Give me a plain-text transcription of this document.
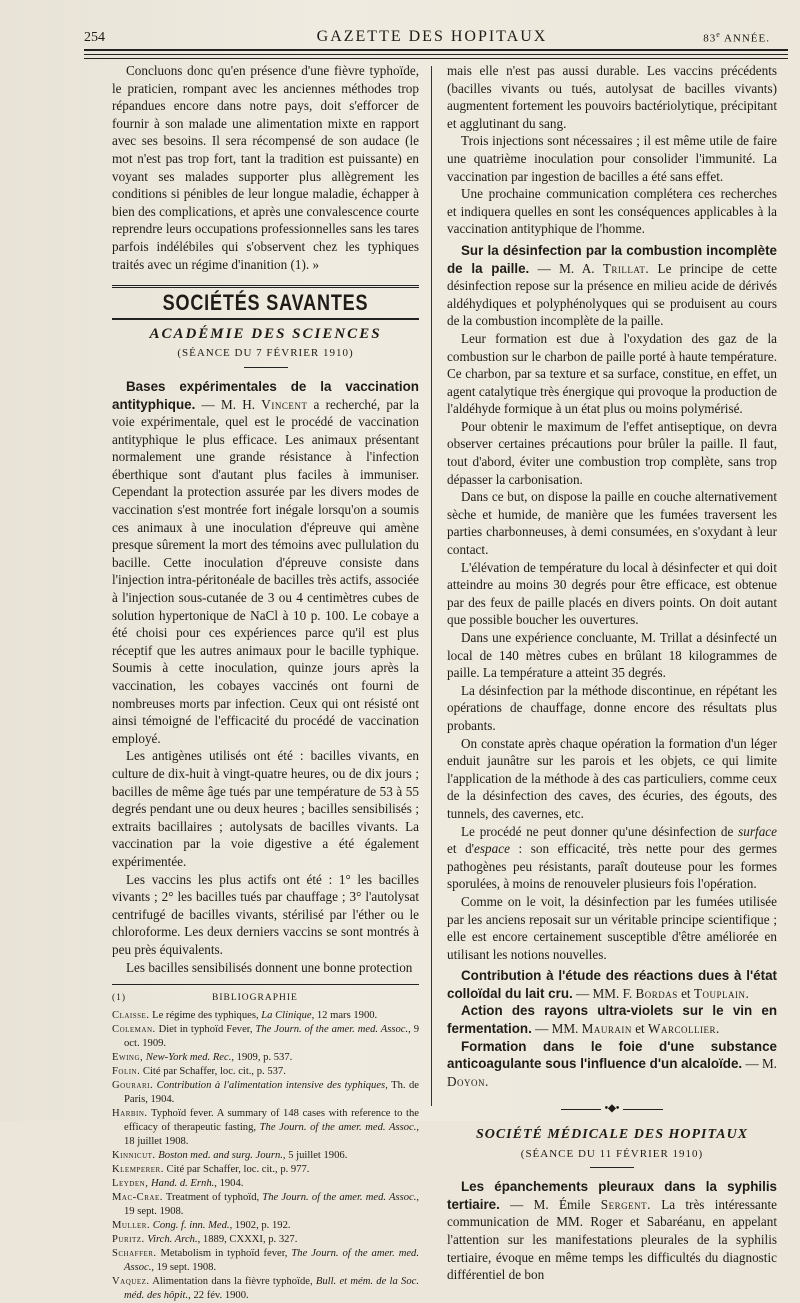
254	GAZETTE DES HOPITAUX	83e ANNÉE.

Concluons donc qu'en présence d'une fièvre typhoïde, le praticien, rompant avec les anciennes méthodes trop répandues encore dans notre pays, doit s'efforcer de fournir à son malade une alimentation mixte en rapport avec ses besoins. Il sera récompensé de son audace (le mot n'est pas trop fort, tant la tradition est puissante) en voyant ses malades supporter plus allègrement les conditions si pénibles de leur longue maladie, échapper à bien des complications, et après une convalescence courte reprendre leurs occupations professionnelles sans les tares parfois indélébiles qui s'observent chez les typhiques traités avec un régime d'inanition (1). »

SOCIÉTÉS SAVANTES
ACADÉMIE DES SCIENCES
(SÉANCE DU 7 FÉVRIER 1910)

Bases expérimentales de la vaccination antityphique. — M. H. Vincent a recherché, par la voie expérimentale, quel est le procédé de vaccination antityphique le plus efficace. Les animaux présentant normalement une grande résistance à l'infection éberthique sont d'autant plus faciles à immuniser. Cependant la protection assurée par les divers modes de vaccination s'est montrée fort inégale lorsqu'on a soumis ces animaux à une inoculation d'épreuve qui amène presque sûrement la mort des témoins avec pullulation du bacille. Cette inoculation d'épreuve consiste dans l'injection intra-péritonéale de bacilles très actifs, associée à l'injection sous-cutanée de 3 ou 4 centimètres cubes de solution hypertonique de NaCl à 10 p. 100. Le cobaye a été choisi pour ces expériences parce qu'il est plus réceptif que les autres animaux pour le bacille typhique. Soumis à cette inoculation, quinze jours après la vaccination, les cobayes vaccinés ont fourni de nombreuses morts par infection. Ceux qui ont résisté ont ainsi témoigné de l'efficacité du procédé de vaccination employé.

Les antigènes utilisés ont été : bacilles vivants, en culture de dix-huit à vingt-quatre heures, ou de dix jours ; bacilles de même âge tués par une température de 53 à 55 degrés pendant une ou deux heures ; bacilles sensibilisés ; extraits bacillaires ; autolysats de bacilles vivants. La vaccination par la voie digestive a été également expérimentée.

Les vaccins les plus actifs ont été : 1° les bacilles vivants ; 2° les bacilles tués par chauffage ; 3° l'autolysat centrifugé de bacilles vivants, stérilisé par l'éther ou le chloroforme. Les deux derniers vaccins se sont montrés à peu près équivalents.

Les bacilles sensibilisés donnent une bonne protection

(1)	BIBLIOGRAPHIE

Claisse. Le régime des typhiques, La Clinique, 12 mars 1900.

Coleman. Diet in typhoïd Fever, The Journ. of the amer. med. Assoc., 9 oct. 1909.

Ewing, New-York med. Rec., 1909, p. 537.

Folin. Cité par Schaffer, loc. cit., p. 537.

Gourari. Contribution à l'alimentation intensive des typhiques, Th. de Paris, 1904.

Harbin. Typhoïd fever. A summary of 148 cases with reference to the efficacy of therapeutic fasting, The Journ. of the amer. med. Assoc., 18 juillet 1908.

Kinnicut. Boston med. and surg. Journ., 5 juillet 1906.

Klemperer. Cité par Schaffer, loc. cit., p. 977.

Leyden, Hand. d. Ernh., 1904.

Mac-Crae. Treatment of typhoïd, The Journ. of the amer. med. Assoc., 19 sept. 1908.

Muller. Cong. f. inn. Med., 1902, p. 192.

Puritz. Virch. Arch., 1889, CXXXI, p. 327.

Schaffer. Metabolism in typhoïd fever, The Journ. of the amer. med. Assoc., 19 sept. 1908.

Vaquez. Alimentation dans la fièvre typhoïde, Bull. et mém. de la Soc. méd. des hôpit., 22 fév. 1900.

mais elle n'est pas aussi durable. Les vaccins précédents (bacilles vivants ou tués, autolysat de bacilles vivants) augmentent fortement les pouvoirs bactériolytique, précipitant et agglutinant du sang.

Trois injections sont nécessaires ; il est même utile de faire une quatrième inoculation pour consolider l'immunité. La vaccination par ingestion de bacilles a été sans effet.

Une prochaine communication complétera ces recherches et indiquera quelles en sont les conséquences applicables à la vaccination antityphique de l'homme.

Sur la désinfection par la combustion incomplète de la paille. — M. A. Trillat. Le principe de cette désinfection repose sur la présence en milieu acide de dérivés aldéhydiques et polyphénolyques qui se produisent au cours de la combustion incomplète de la paille.

Leur formation est due à l'oxydation des gaz de la combustion sur le charbon de paille porté à haute température. Ce charbon, par sa texture et sa surface, constitue, en effet, un agent catalytique très énergique qui provoque la production de l'aldéhyde formique à un état plus ou moins polymérisé.

Pour obtenir le maximum de l'effet antiseptique, on devra observer certaines précautions pour brûler la paille. Il faut, tout d'abord, éviter une combustion trop complète, sans trop dépasser la carbonisation.

Dans ce but, on dispose la paille en couche alternativement sèche et humide, de manière que les fumées traversent les parties charbonneuses, à demi consumées, en s'oxydant à leur contact.

L'élévation de température du local à désinfecter et qui doit atteindre au moins 30 degrés pour être efficace, est obtenue par des feux de paille placés en divers points. On doit autant que possible boucher les ouvertures.

Dans une expérience concluante, M. Trillat a désinfecté un local de 140 mètres cubes en brûlant 18 kilogrammes de paille. La température a atteint 35 degrés.

La désinfection par la méthode discontinue, en répétant les opérations de chauffage, donne encore des résultats plus probants.

On constate après chaque opération la formation d'un léger enduit jaunâtre sur les parois et les objets, ce qui limite l'application de la méthode à des cas particuliers, comme ceux de la désinfection des caves, des écuries, des égouts, des tunnels, des cavernes, etc.

Le procédé ne peut donner qu'une désinfection de surface et d'espace : son efficacité, très nette pour des germes pathogènes peu résistants, paraît douteuse pour les formes sporulées, à moins de renouveler plusieurs fois l'opération.

Comme on le voit, la désinfection par les fumées utilisée par les anciens reposait sur un véritable principe scientifique ; elle est encore certainement susceptible d'être améliorée en utilisant les notions nouvelles.

Contribution à l'étude des réactions dues à l'état colloïdal du lait cru. — MM. F. Bordas et Touplain.

Action des rayons ultra-violets sur le vin en fermentation. — MM. Maurain et Warcollier.

Formation dans le foie d'une substance anticoagulante sous l'influence d'un alcaloïde. — M. Doyon.

•◆•
SOCIÉTÉ MÉDICALE DES HOPITAUX
(SÉANCE DU 11 FÉVRIER 1910)

Les épanchements pleuraux dans la syphilis tertiaire. — M. Émile Sergent. La très intéressante communication de MM. Roger et Sabaréanu, en appelant l'attention sur les manifestations pleurales de la syphilis tertiaire, évoque en même temps les difficultés du diagnostic différentiel de bon
